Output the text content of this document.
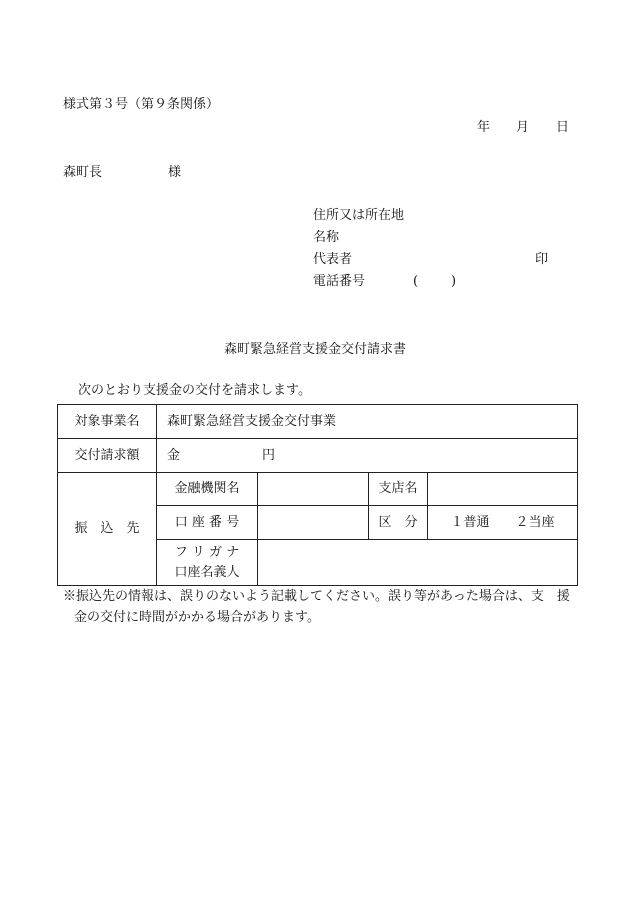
様式第３号（第９条関係）
年 月 日
森町長	様
住所又は所在地
名称
代表者	印
電話番号	(	)
森町緊急経営支援金交付請求書
次のとおり支援金の交付を請求します。
対象事業名	森町緊急経営支援金交付事業			
交付請求額	金 円			
振　込　先	金融機関名		支店名	
	口 座 番 号		区　分	１普通　　２当座

	フ リ ガ ナ
口座名義人			

※振込先の情報は、誤りのないよう記載してください。誤り等があった場合は、支　援
金の交付に時間がかかる場合があります。
